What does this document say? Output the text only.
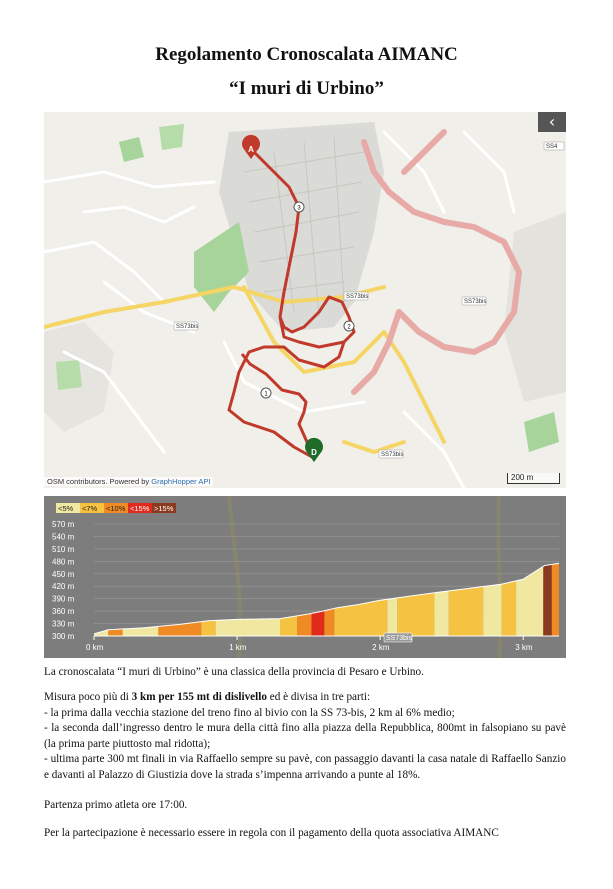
Regolamento Cronoscalata AIMANC
“I muri di Urbino”
SS73bis
SS73bis
SS73bis
SS73bis
SS4
3
2
1
A
D
OSM contributors. Powered by GraphHopper API	200 m
‹
570 m
540 m
510 m
480 m
450 m
420 m
390 m
360 m
330 m
300 m
0 km	1 km	2 km	3 km
SS73bis
<5% <7% <10% <15% >15%
La cronoscalata “I muri di Urbino” è una classica della provincia di Pesaro e Urbino.
Misura poco più di 3 km per 155 mt di dislivello ed è divisa in tre parti:
- la prima dalla vecchia stazione del treno fino al bivio con la SS 73-bis, 2 km al 6% medio;
- la seconda dall’ingresso dentro le mura della città fino alla piazza della Repubblica, 800mt in falsopiano su pavè (la prima parte piuttosto mal ridotta);
- ultima parte 300 mt finali in via Raffaello sempre su pavè, con passaggio davanti la casa natale di Raffaello Sanzio e davanti al Palazzo di Giustizia dove la strada s’impenna arrivando a punte al 18%.
Partenza primo atleta ore 17:00.
Per la partecipazione è necessario essere in regola con il pagamento della quota associativa AIMANC
